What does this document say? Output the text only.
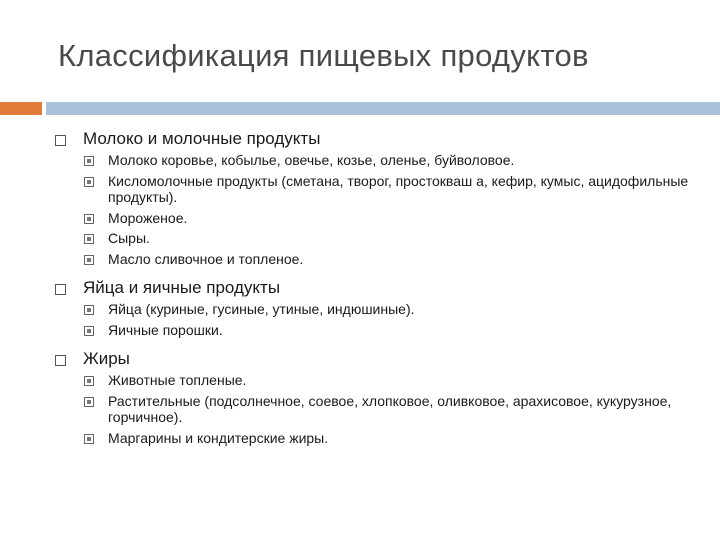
Классификация пищевых продуктов
Молоко и молочные продукты
Молоко коровье, кобылье, овечье, козье, оленье, буйволовое.
Кисломолочные продукты (сметана, творог, простокваш а, кефир, кумыс, ацидофильные продукты).
Мороженое.
Сыры.
Масло сливочное и топленое.
Яйца и яичные продукты
Яйца (куриные, гусиные, утиные, индюшиные).
Яичные порошки.
Жиры
Животные топленые.
Растительные (подсолнечное, соевое, хлопковое, оливковое, арахисовое, кукурузное, горчичное).
Маргарины и кондитерские жиры.
